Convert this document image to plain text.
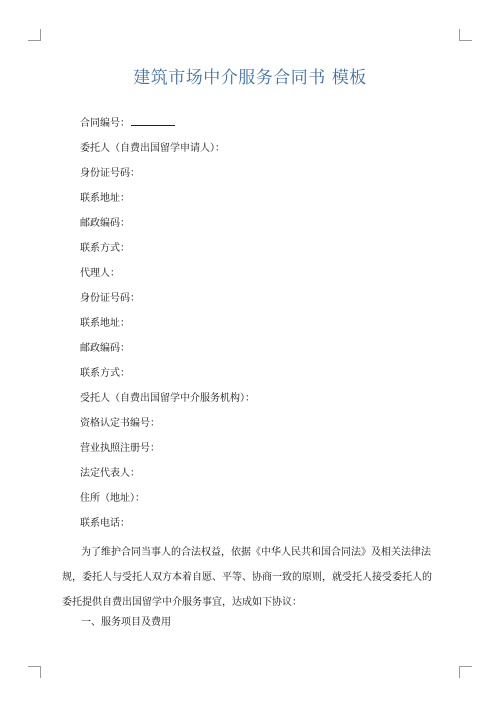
建筑市场中介服务合同书 模板
合同编号：
委托人（自费出国留学申请人）：
身份证号码：
联系地址：
邮政编码：
联系方式：
代理人：
身份证号码：
联系地址：
邮政编码：
联系方式：
受托人（自费出国留学中介服务机构）：
资格认定书编号：
营业执照注册号：
法定代表人：
住所（地址）：
联系电话：
为了维护合同当事人的合法权益，依据《中华人民共和国合同法》及相关法律法
规，委托人与受托人双方本着自愿、平等、协商一致的原则，就受托人接受委托人的
委托提供自费出国留学中介服务事宜，达成如下协议：
一、服务项目及费用
